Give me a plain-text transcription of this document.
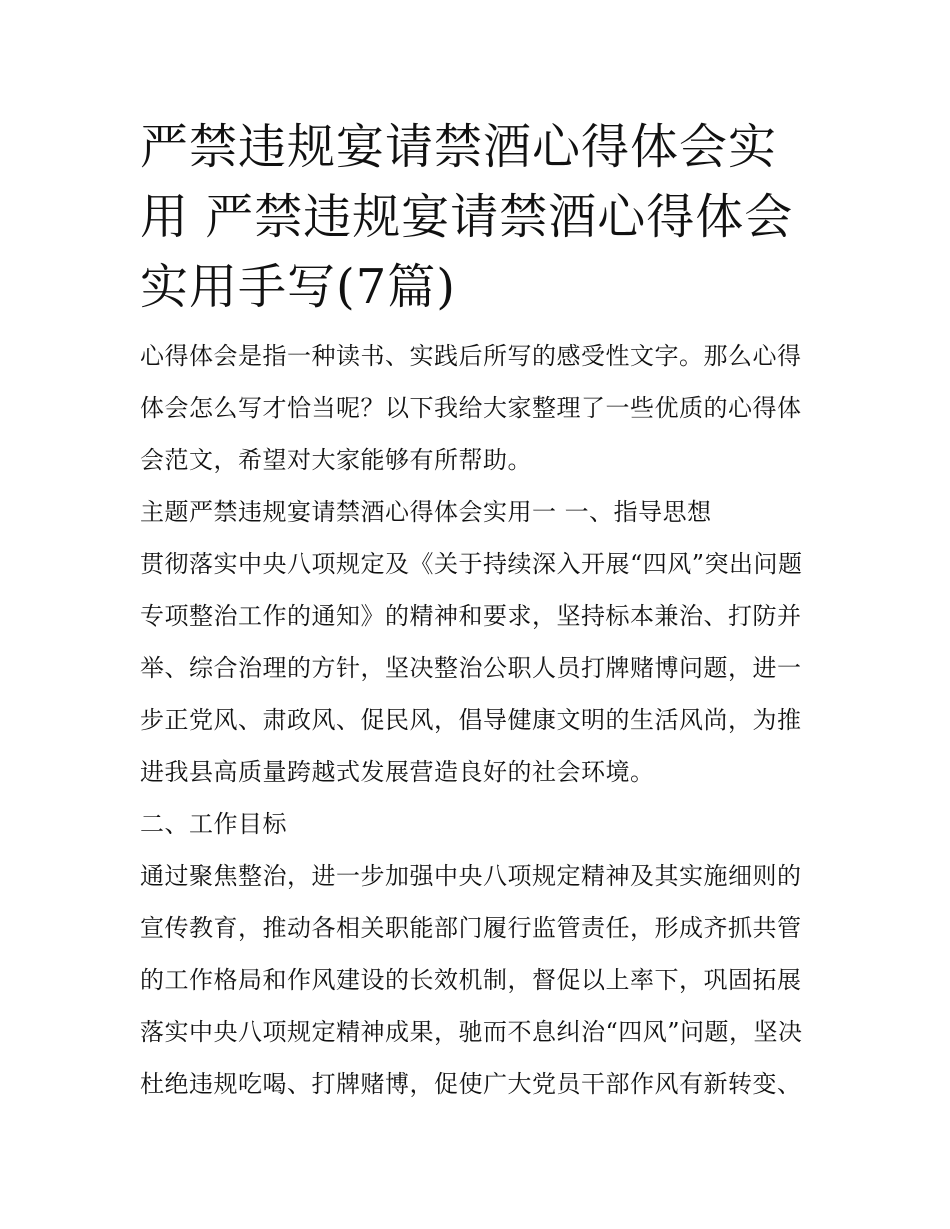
严禁违规宴请禁酒心得体会实用 严禁违规宴请禁酒心得体会实用手写(7篇)

心得体会是指一种读书、实践后所写的感受性文字。那么心得体会怎么写才恰当呢？以下我给大家整理了一些优质的心得体会范文，希望对大家能够有所帮助。

主题严禁违规宴请禁酒心得体会实用一 一、指导思想

贯彻落实中央八项规定及《关于持续深入开展“四风”突出问题专项整治工作的通知》的精神和要求，坚持标本兼治、打防并举、综合治理的方针，坚决整治公职人员打牌赌博问题，进一步正党风、肃政风、促民风，倡导健康文明的生活风尚，为推进我县高质量跨越式发展营造良好的社会环境。

二、工作目标

通过聚焦整治，进一步加强中央八项规定精神及其实施细则的宣传教育，推动各相关职能部门履行监管责任，形成齐抓共管的工作格局和作风建设的长效机制，督促以上率下，巩固拓展落实中央八项规定精神成果，驰而不息纠治“四风”问题，坚决杜绝违规吃喝、打牌赌博，促使广大党员干部作风有新转变、
